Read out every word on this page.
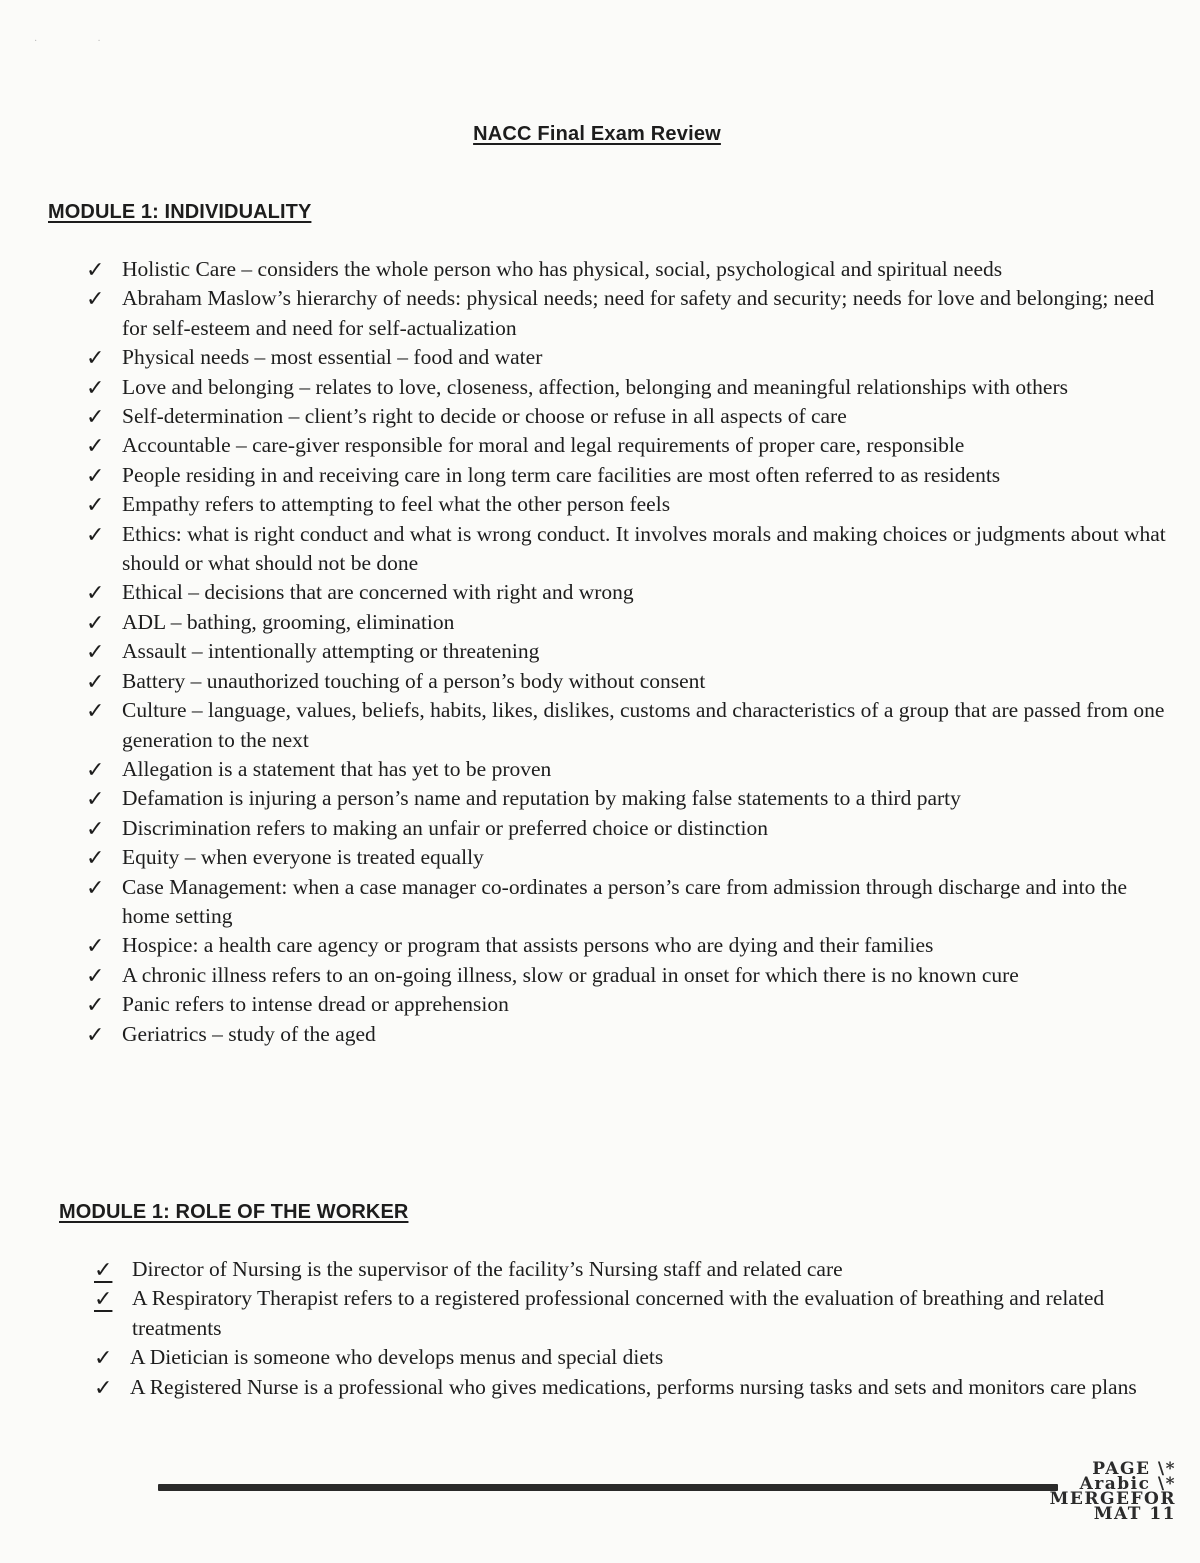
··
NACC Final Exam Review
MODULE 1: INDIVIDUALITY
✓ Holistic Care – considers the whole person who has physical, social, psychological and spiritual needs
✓ Abraham Maslow’s hierarchy of needs: physical needs; need for safety and security; needs for love and belonging; need for self-esteem and need for self-actualization
✓ Physical needs – most essential – food and water
✓ Love and belonging – relates to love, closeness, affection, belonging and meaningful relationships with others
✓ Self-determination – client’s right to decide or choose or refuse in all aspects of care
✓ Accountable – care-giver responsible for moral and legal requirements of proper care, responsible
✓ People residing in and receiving care in long term care facilities are most often referred to as residents
✓ Empathy refers to attempting to feel what the other person feels
✓ Ethics: what is right conduct and what is wrong conduct. It involves morals and making choices or judgments about what should or what should not be done
✓ Ethical – decisions that are concerned with right and wrong
✓ ADL – bathing, grooming, elimination
✓ Assault – intentionally attempting or threatening
✓ Battery – unauthorized touching of a person’s body without consent
✓ Culture – language, values, beliefs, habits, likes, dislikes, customs and characteristics of a group that are passed from one generation to the next
✓ Allegation is a statement that has yet to be proven
✓ Defamation is injuring a person’s name and reputation by making false statements to a third party
✓ Discrimination refers to making an unfair or preferred choice or distinction
✓ Equity – when everyone is treated equally
✓ Case Management: when a case manager co-ordinates a person’s care from admission through discharge and into the home setting
✓ Hospice: a health care agency or program that assists persons who are dying and their families
✓ A chronic illness refers to an on-going illness, slow or gradual in onset for which there is no known cure
✓ Panic refers to intense dread or apprehension
✓ Geriatrics – study of the aged
MODULE 1: ROLE OF THE WORKER
✓ Director of Nursing is the supervisor of the facility’s Nursing staff and related care
✓ A Respiratory Therapist refers to a registered professional concerned with the evaluation of breathing and related treatments
✓ A Dietician is someone who develops menus and special diets
✓ A Registered Nurse is a professional who gives medications, performs nursing tasks and sets and monitors care plans
PAGE \*
Arabic \*
MERGEFOR
MAT 11
